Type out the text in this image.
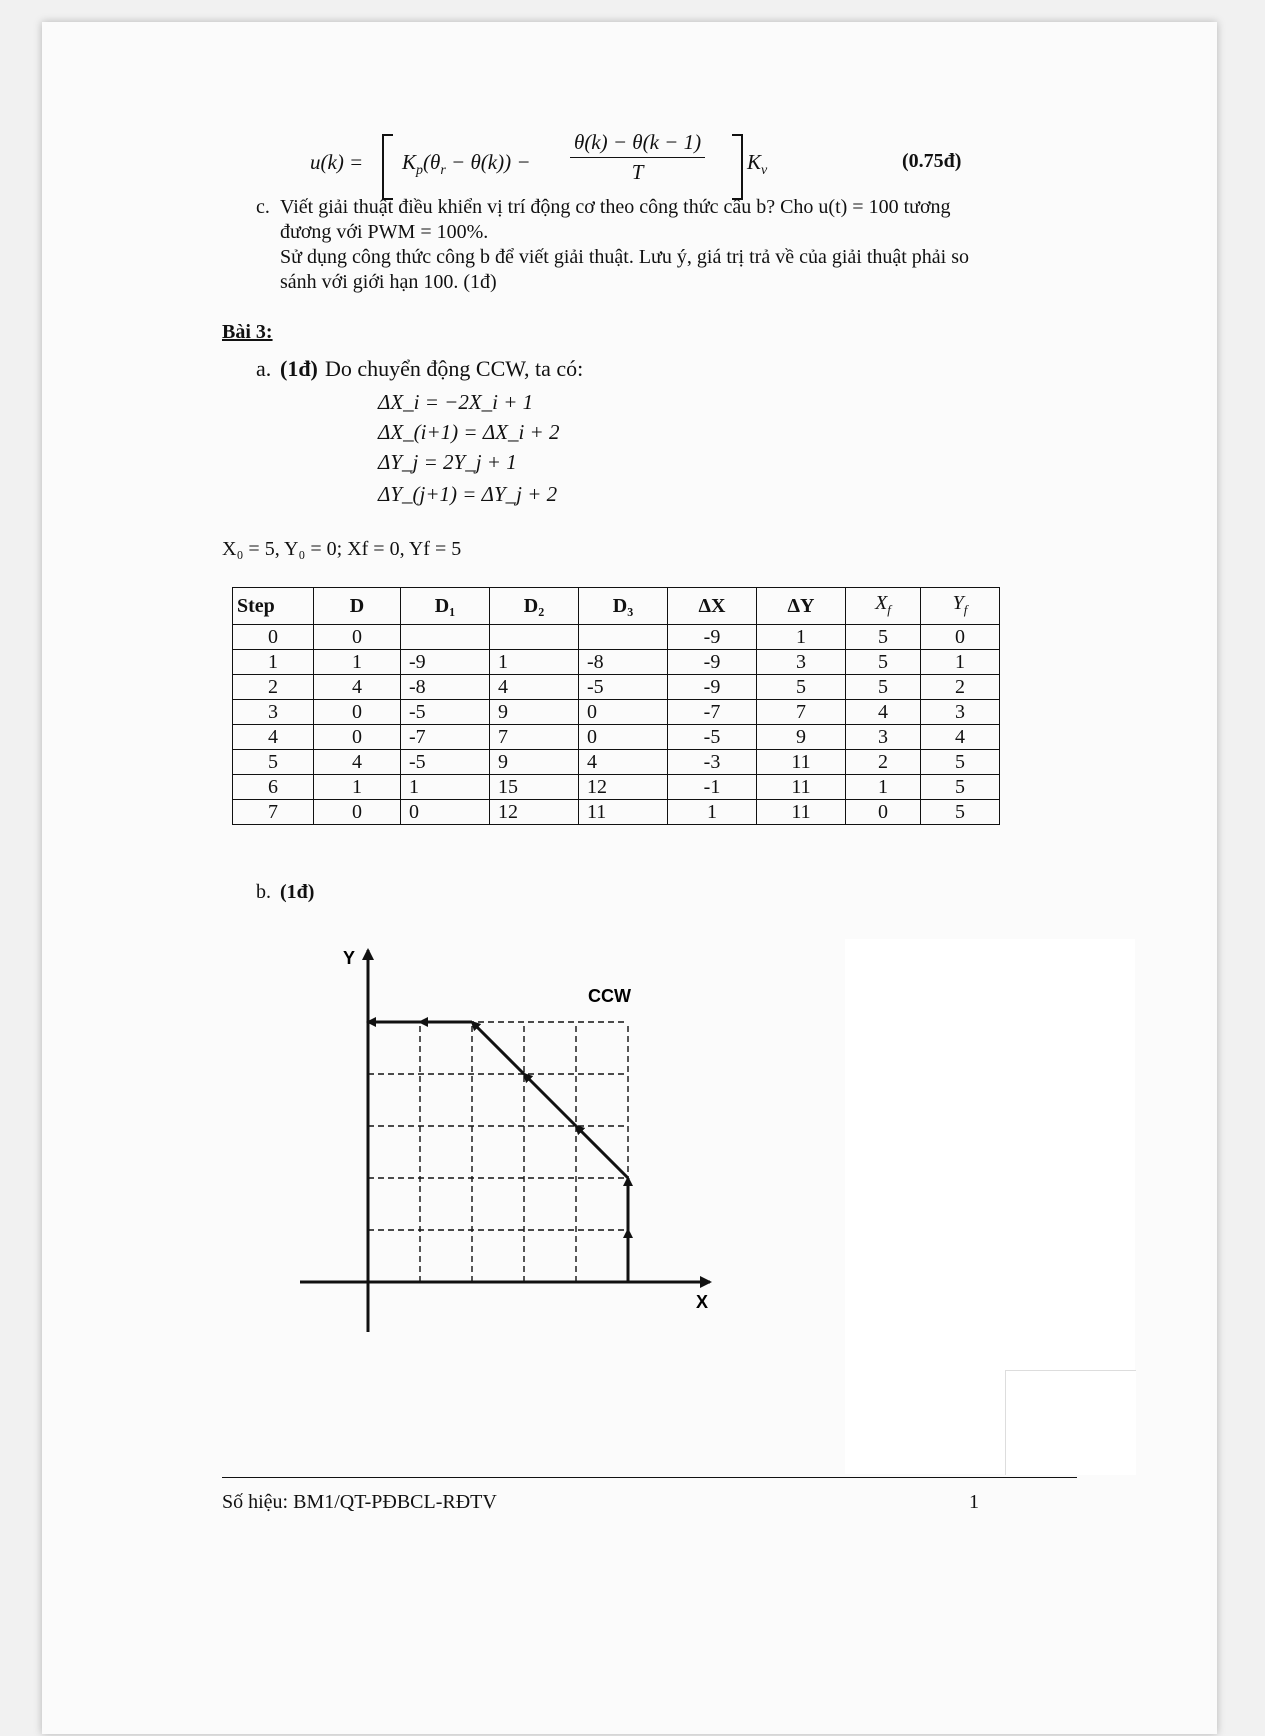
$u(k) = K_p(\theta_r - \theta(k)) - \frac{\theta(k) - \theta(k - 1)}{T} K_v$	(0.75đ)
c. Viết giải thuật điều khiển vị trí động cơ theo công thức câu b? Cho u(t) = 100 tương
đương với PWM = 100%.
Sử dụng công thức công b để viết giải thuật. Lưu ý, giá trị trả về của giải thuật phải so
sánh với giới hạn 100. (1đ)
Bài 3:
a. (1đ) Do chuyển động CCW, ta có:
ΔX_i = −2X_i + 1
ΔX_(i+1) = ΔX_i + 2
ΔY_j = 2Y_j + 1
ΔY_(j+1) = ΔY_j + 2
X₀ = 5, Y₀ = 0; Xf = 0, Yf = 5
Step	D	D₁	D₂	D₃	ΔX	ΔY	$X_f$	$Y_f$
0	0				-9	1	5	0
1	1	-9	1	-8	-9	3	5	1
2	4	-8	4	-5	-9	5	5	2
3	0	-5	9	0	-7	7	4	3
4	0	-7	7	0	-5	9	3	4
5	4	-5	9	4	-3	11	2	5
6	1	1	15	12	-1	11	1	5
7	0	0	12	11	1	11	0	5
b. (1đ)
Y
X
CCW
Số hiệu: BM1/QT-PĐBCL-RĐTV	1
